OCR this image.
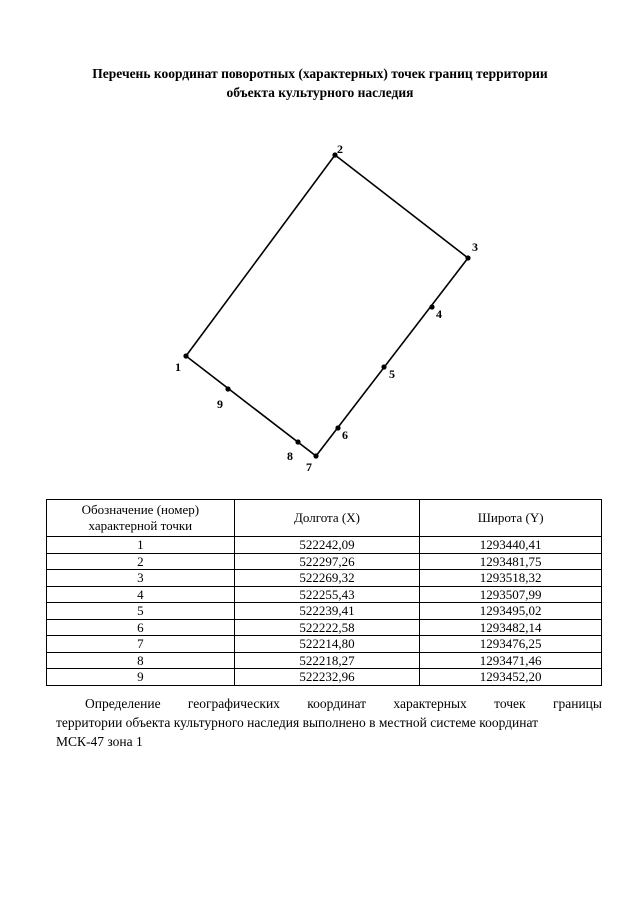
Перечень координат поворотных (характерных) точек границ территории
объекта культурного наследия
1
2
3
4
5
6
7
8
9
Обозначение (номер)
характерной точки	Долгота (X)	Широта (Y)
1	522242,09	1293440,41
2	522297,26	1293481,75
3	522269,32	1293518,32
4	522255,43	1293507,99
5	522239,41	1293495,02
6	522222,58	1293482,14
7	522214,80	1293476,25
8	522218,27	1293471,46
9	522232,96	1293452,20
Определение географических координат характерных точек границы
территории объекта культурного наследия выполнено в местной системе координат
МСК-47 зона 1
